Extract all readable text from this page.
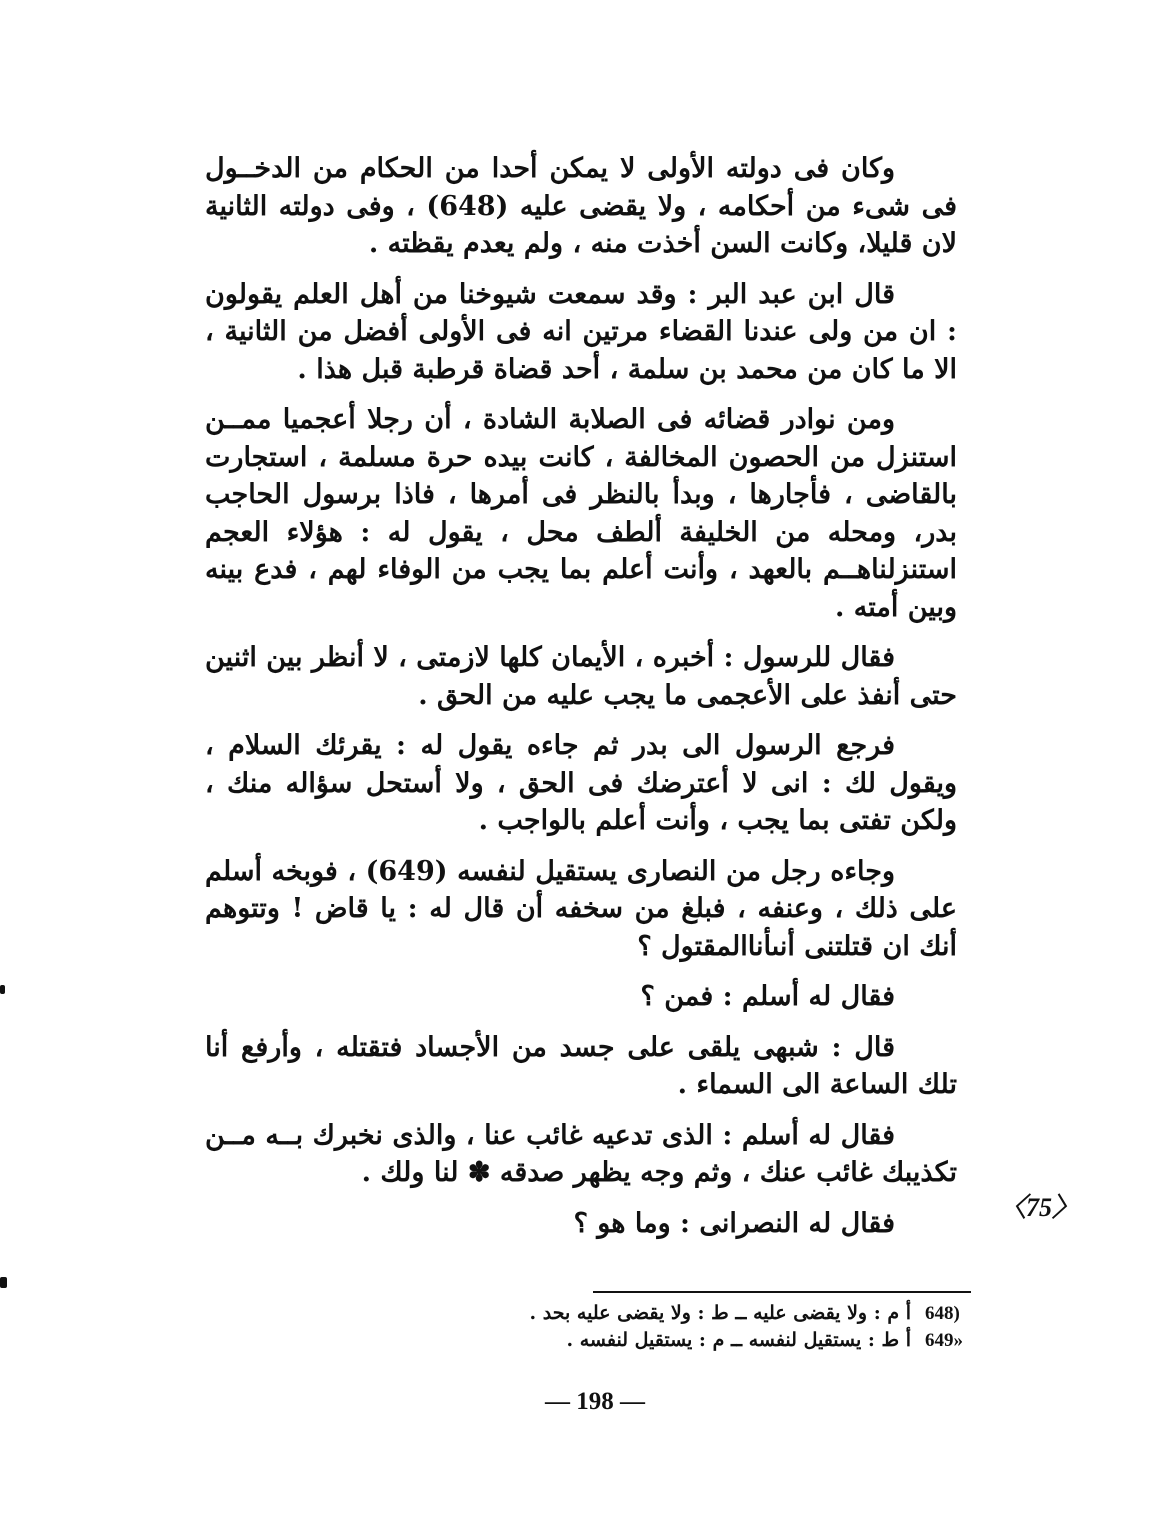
وكان فى دولته الأولى لا يمكن أحدا من الحكام من الدخــول فى شىء من أحكامه ، ولا يقضى عليه (648) ، وفى دولته الثانية لان قليلا، وكانت السن أخذت منه ، ولم يعدم يقظته .

قال ابن عبد البر : وقد سمعت شيوخنا من أهل العلم يقولون : ان من ولى عندنا القضاء مرتين انه فى الأولى أفضل من الثانية ، الا ما كان من محمد بن سلمة ، أحد قضاة قرطبة قبل هذا .

ومن نوادر قضائه فى الصلابة الشادة ، أن رجلا أعجميا ممــن استنزل من الحصون المخالفة ، كانت بيده حرة مسلمة ، استجارت بالقاضى ، فأجارها ، وبدأ بالنظر فى أمرها ، فاذا برسول الحاجب بدر، ومحله من الخليفة ألطف محل ، يقول له : هؤلاء العجم استنزلناهــم بالعهد ، وأنت أعلم بما يجب من الوفاء لهم ، فدع بينه وبين أمته .

فقال للرسول : أخبره ، الأيمان كلها لازمتى ، لا أنظر بين اثنين حتى أنفذ على الأعجمى ما يجب عليه من الحق .

فرجع الرسول الى بدر ثم جاءه يقول له : يقرئك السلام ، ويقول لك : انى لا أعترضك فى الحق ، ولا أستحل سؤاله منك ، ولكن تفتى بما يجب ، وأنت أعلم بالواجب .

وجاءه رجل من النصارى يستقيل لنفسه (649) ، فوبخه أسلم على ذلك ، وعنفه ، فبلغ من سخفه أن قال له : يا قاض ! وتتوهم أنك ان قتلتنى أنىأناالمقتول ؟

فقال له أسلم : فمن ؟

قال : شبهى يلقى على جسد من الأجساد فتقتله ، وأرفع أنا تلك الساعة الى السماء .

فقال له أسلم : الذى تدعيه غائب عنا ، والذى نخبرك بــه مــن تكذيبك غائب عنك ، وثم وجه يظهر صدقه ✽ لنا ولك .

فقال له النصرانى : وما هو ؟	〈75〉

648)أ م : ولا يقضى عليه ــ ط : ولا يقضى عليه بحد .

649»أ ط : يستقيل لنفسه ــ م : يستقيل لنفسه .

— 198 —
